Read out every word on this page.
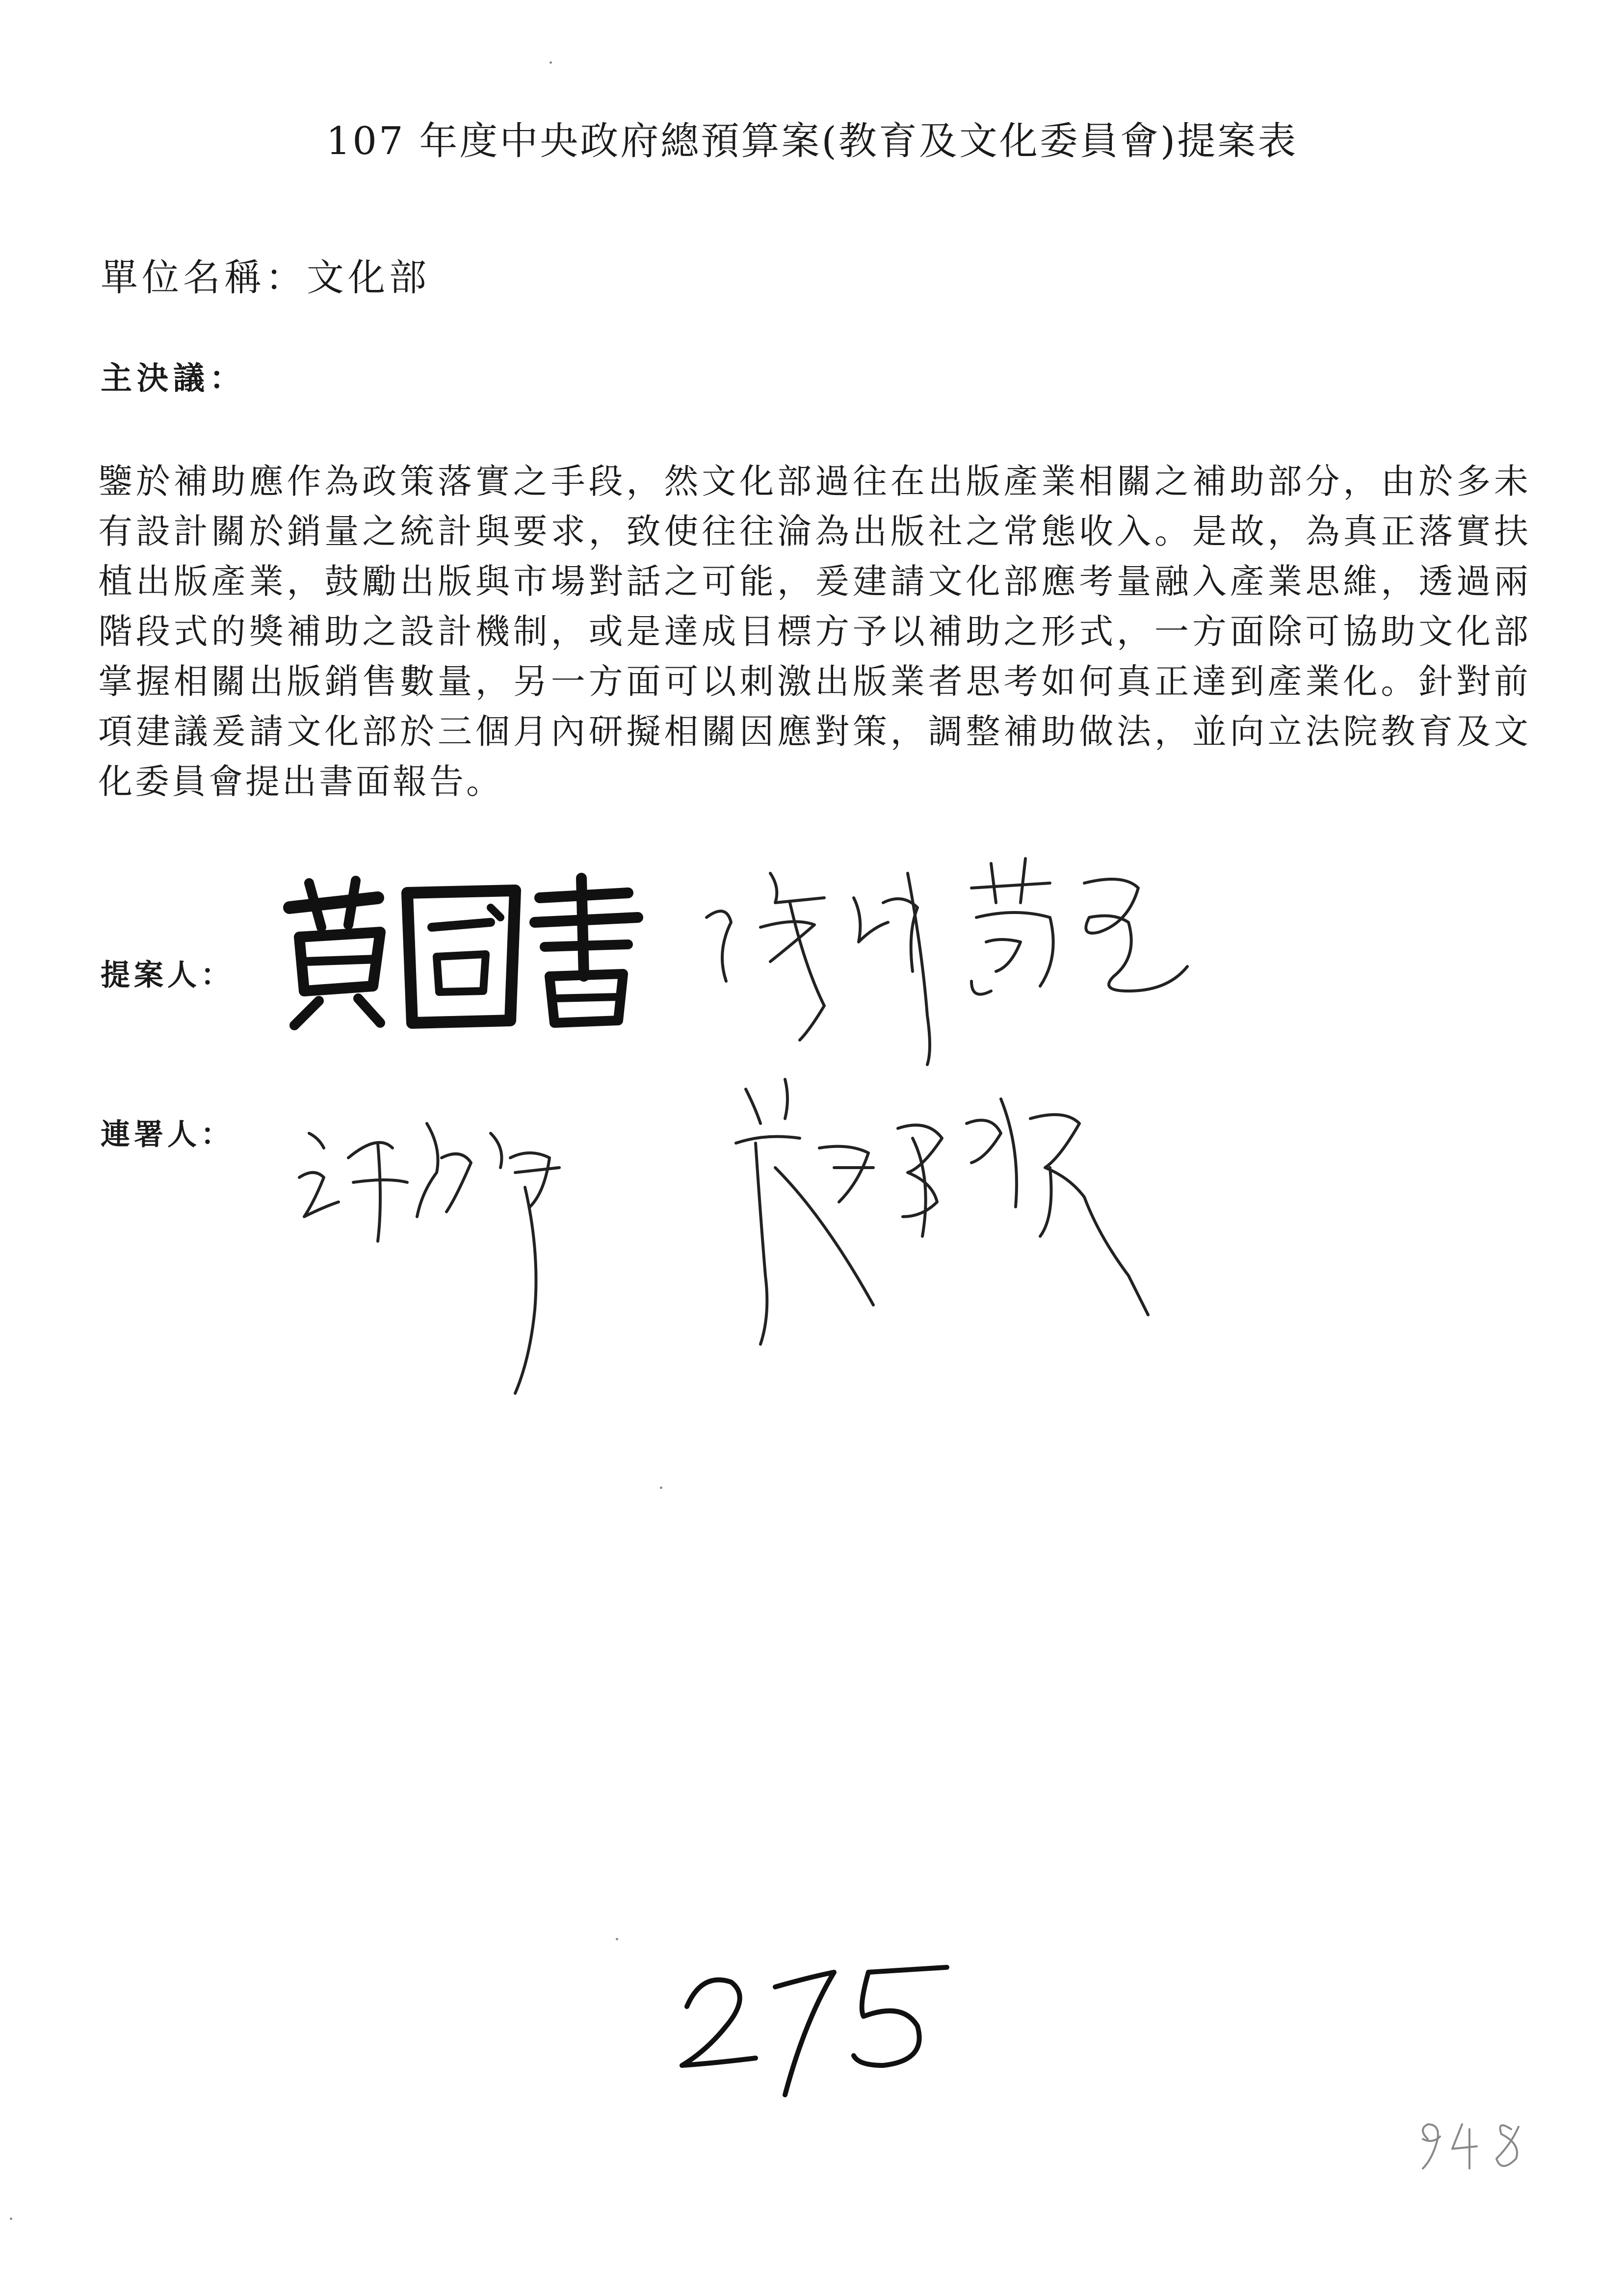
107 年度中央政府總預算案(教育及文化委員會)提案表
單位名稱：文化部
主決議：
鑒於補助應作為政策落實之手段，然文化部過往在出版產業相關之補助部分，由於多未有設計關於銷量之統計與要求，致使往往淪為出版社之常態收入。是故，為真正落實扶植出版產業，鼓勵出版與市場對話之可能，爰建請文化部應考量融入產業思維，透過兩階段式的獎補助之設計機制，或是達成目標方予以補助之形式，一方面除可協助文化部掌握相關出版銷售數量，另一方面可以刺激出版業者思考如何真正達到產業化。針對前項建議爰請文化部於三個月內研擬相關因應對策，調整補助做法，並向立法院教育及文化委員會提出書面報告。
提案人：
連署人：
275
948
